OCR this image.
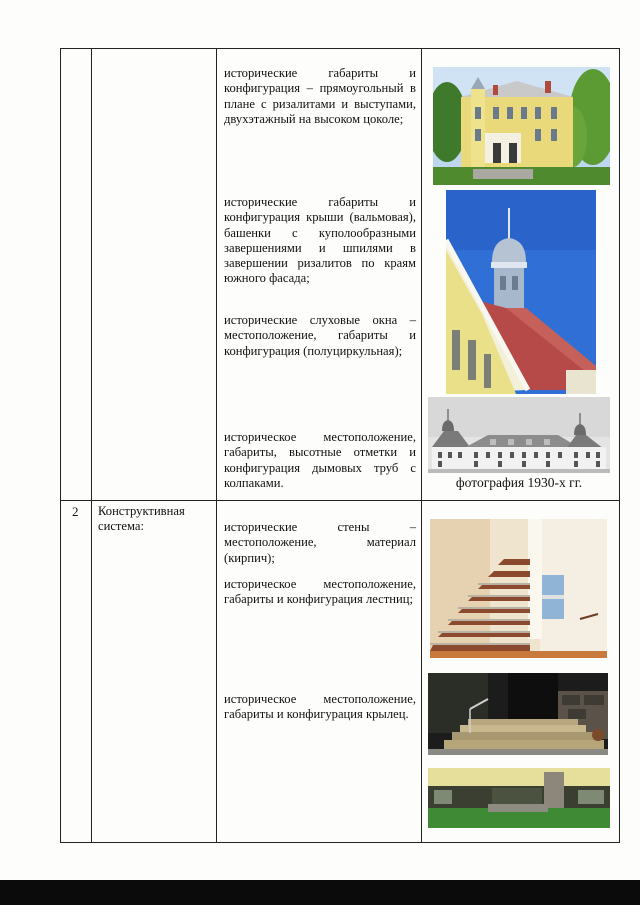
исторические габариты и конфигурация – прямоугольный в плане с ризалитами и выступами, двухэтажный на высоком цоколе;

исторические габариты и конфигурация крыши (вальмовая), башенки с куполообразными завершениями и шпилями в завершении ризалитов по краям южного фасада;

исторические слуховые окна – местоположение, габариты и конфигурация (полуциркульная);

историческое местоположение, габариты, высотные отметки и конфигурация дымовых труб с колпаками.

2 Конструктивная система:	исторические стены – местоположение, материал (кирпич);

историческое местоположение, габариты и конфигурация лестниц;

историческое местоположение, габариты и конфигурация крылец.

фотография 1930-х гг.
